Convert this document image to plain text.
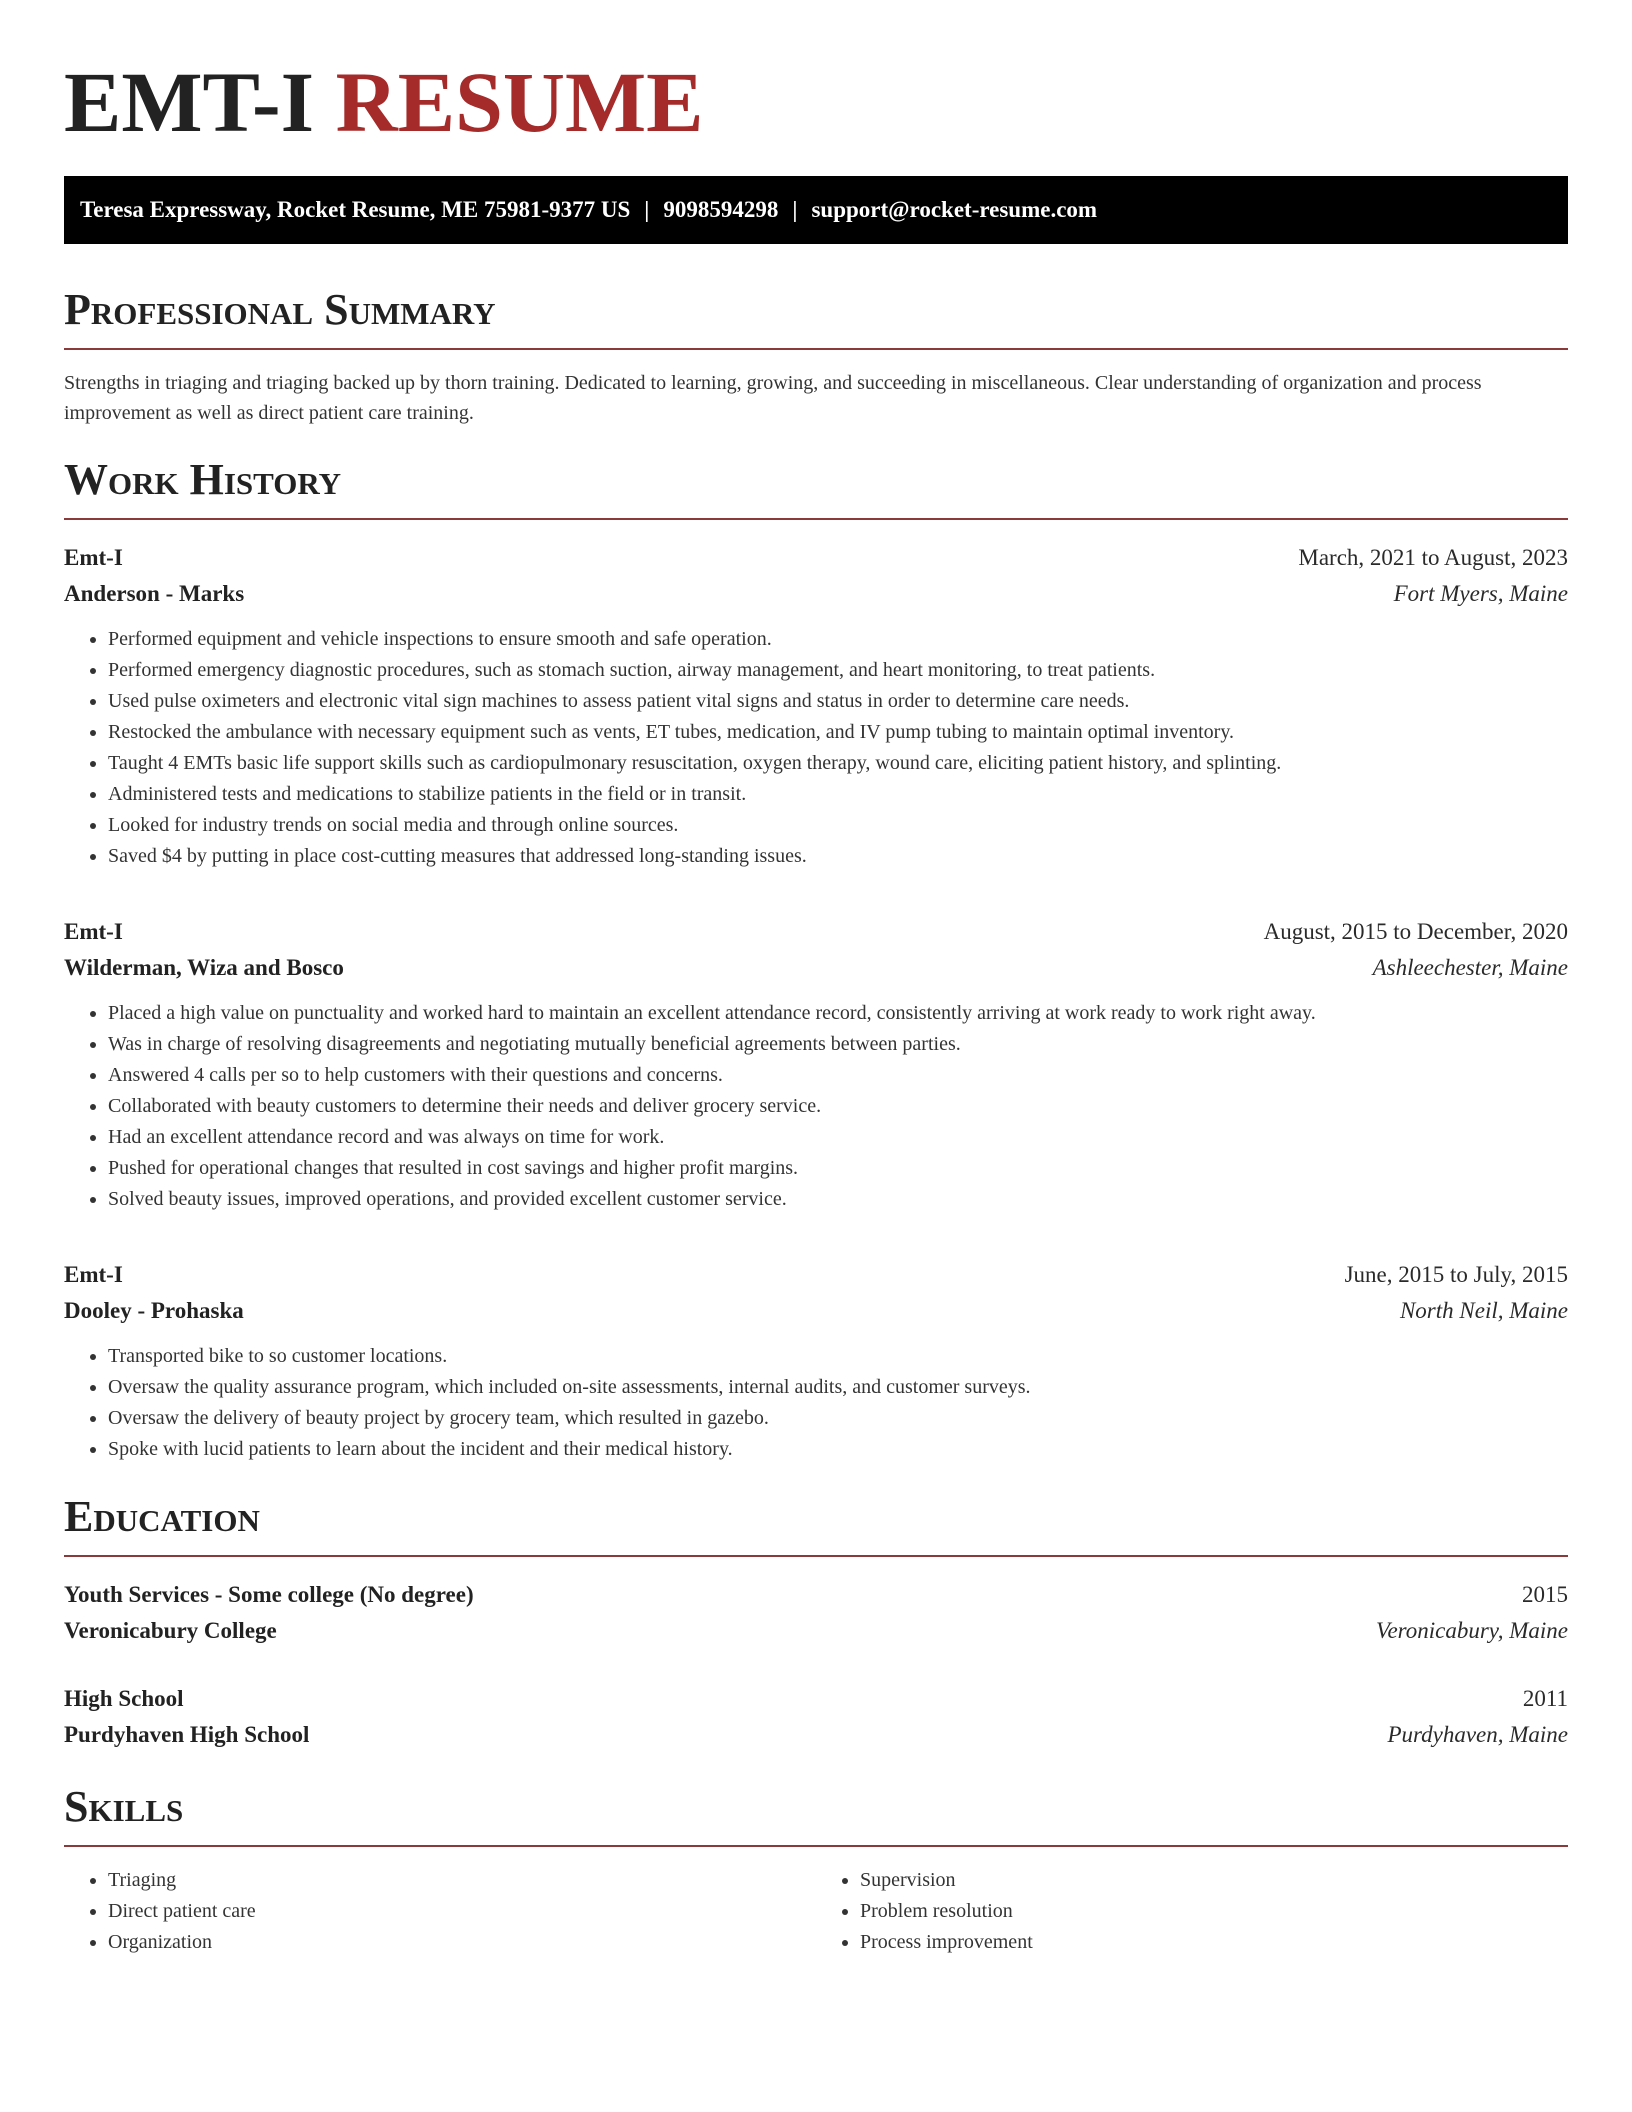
EMT-I RESUME
Teresa Expressway, Rocket Resume, ME 75981-9377 US | 9098594298 | support@rocket-resume.com
Professional Summary

Strengths in triaging and triaging backed up by thorn training. Dedicated to learning, growing, and succeeding in miscellaneous. Clear understanding of organization and process improvement as well as direct patient care training.

Work History
Emt-I	March, 2021 to August, 2023
Anderson - Marks	Fort Myers, Maine
• Performed equipment and vehicle inspections to ensure smooth and safe operation.
• Performed emergency diagnostic procedures, such as stomach suction, airway management, and heart monitoring, to treat patients.
• Used pulse oximeters and electronic vital sign machines to assess patient vital signs and status in order to determine care needs.
• Restocked the ambulance with necessary equipment such as vents, ET tubes, medication, and IV pump tubing to maintain optimal inventory.
• Taught 4 EMTs basic life support skills such as cardiopulmonary resuscitation, oxygen therapy, wound care, eliciting patient history, and splinting.
• Administered tests and medications to stabilize patients in the field or in transit.
• Looked for industry trends on social media and through online sources.
• Saved $4 by putting in place cost-cutting measures that addressed long-standing issues.
Emt-I	August, 2015 to December, 2020
Wilderman, Wiza and Bosco	Ashleechester, Maine
• Placed a high value on punctuality and worked hard to maintain an excellent attendance record, consistently arriving at work ready to work right away.
• Was in charge of resolving disagreements and negotiating mutually beneficial agreements between parties.
• Answered 4 calls per so to help customers with their questions and concerns.
• Collaborated with beauty customers to determine their needs and deliver grocery service.
• Had an excellent attendance record and was always on time for work.
• Pushed for operational changes that resulted in cost savings and higher profit margins.
• Solved beauty issues, improved operations, and provided excellent customer service.
Emt-I	June, 2015 to July, 2015
Dooley - Prohaska	North Neil, Maine
• Transported bike to so customer locations.
• Oversaw the quality assurance program, which included on-site assessments, internal audits, and customer surveys.
• Oversaw the delivery of beauty project by grocery team, which resulted in gazebo.
• Spoke with lucid patients to learn about the incident and their medical history.
Education
Youth Services - Some college (No degree)	2015
Veronicabury College	Veronicabury, Maine
High School	2011
Purdyhaven High School	Purdyhaven, Maine
Skills
• Triaging
• Direct patient care
• Organization
• Supervision
• Problem resolution
• Process improvement
